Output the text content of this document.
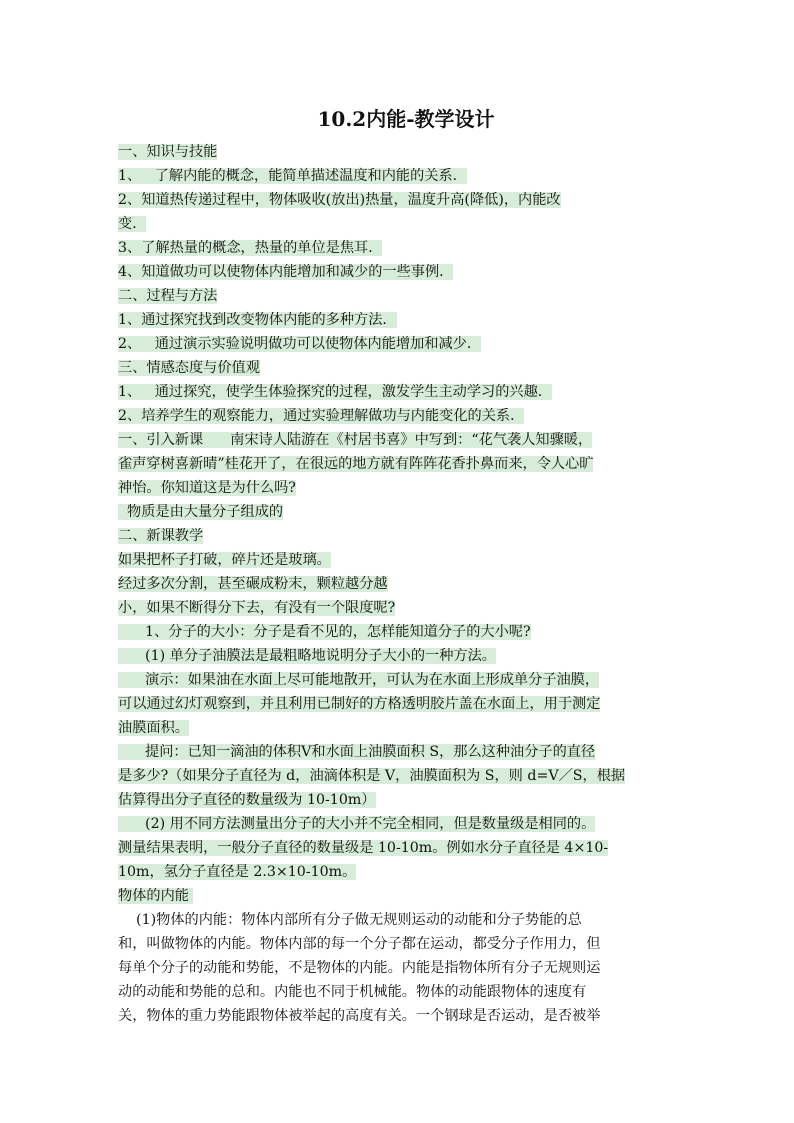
10.2内能-教学设计
一、知识与技能
1、   了解内能的概念，能简单描述温度和内能的关系．
2、知道热传递过程中，物体吸收(放出)热量，温度升高(降低)，内能改
变．
3、了解热量的概念，热量的单位是焦耳．
4、知道做功可以使物体内能增加和减少的一些事例．
二、过程与方法
1、通过探究找到改变物体内能的多种方法．
2、   通过演示实验说明做功可以使物体内能增加和减少．
三、情感态度与价值观
1、   通过探究，使学生体验探究的过程，激发学生主动学习的兴趣．
2、培养学生的观察能力，通过实验理解做功与内能变化的关系．
一、引入新课      南宋诗人陆游在《村居书喜》中写到：“花气袭人知骤暖，
雀声穿树喜新晴”桂花开了，在很远的地方就有阵阵花香扑鼻而来，令人心旷
神怡。你知道这是为什么吗?
物质是由大量分子组成的
二、新课教学
如果把杯子打破，碎片还是玻璃。
经过多次分割，甚至碾成粉末，颗粒越分越
小，如果不断得分下去，有没有一个限度呢?
1、分子的大小：分子是看不见的，怎样能知道分子的大小呢?
(1) 单分子油膜法是最粗略地说明分子大小的一种方法。
演示：如果油在水面上尽可能地散开，可认为在水面上形成单分子油膜，
可以通过幻灯观察到，并且利用已制好的方格透明胶片盖在水面上，用于测定
油膜面积。
提问：已知一滴油的体积V和水面上油膜面积 S，那么这种油分子的直径
是多少?（如果分子直径为 d，油滴体积是 V，油膜面积为 S，则 d=V／S，根据
估算得出分子直径的数量级为 10-10m）
(2) 用不同方法测量出分子的大小并不完全相同，但是数量级是相同的。
测量结果表明，一般分子直径的数量级是 10-10m。例如水分子直径是 4×10-
10m，氢分子直径是 2.3×10-10m。
物体的内能
(1)物体的内能：物体内部所有分子做无规则运动的动能和分子势能的总
和，叫做物体的内能。物体内部的每一个分子都在运动，都受分子作用力，但
每单个分子的动能和势能，不是物体的内能。内能是指物体所有分子无规则运
动的动能和势能的总和。内能也不同于机械能。物体的动能跟物体的速度有
关，物体的重力势能跟物体被举起的高度有关。一个钢球是否运动，是否被举
